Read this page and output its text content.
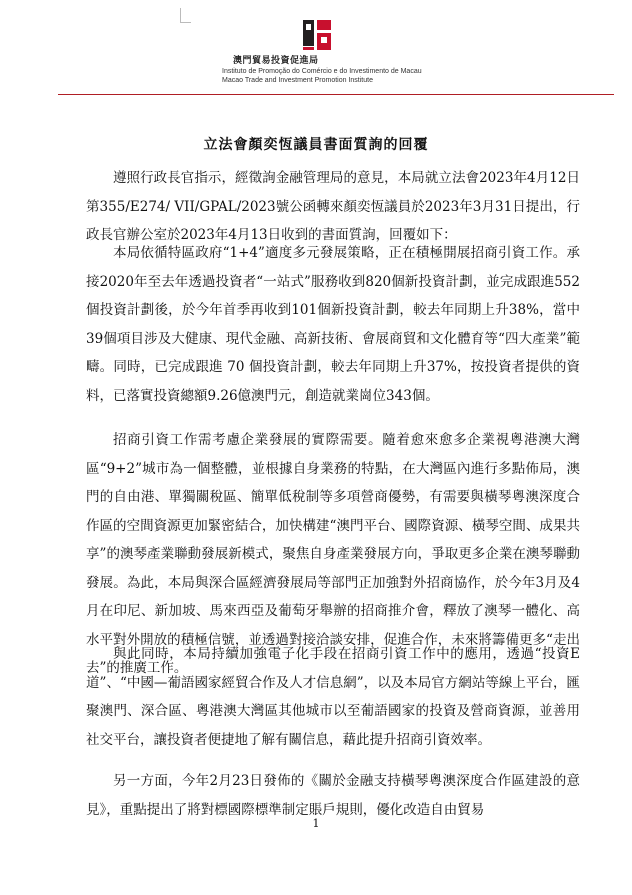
澳門貿易投資促進局
Instituto de Promoção do Comércio e do Investimento de Macau
Macao Trade and Investment Promotion Institute
立法會顏奕恆議員書面質詢的回覆

遵照行政長官指示，經徵詢金融管理局的意見，本局就立法會2023年4月12日第355/E274/ VII/GPAL/2023號公函轉來顏奕恆議員於2023年3月31日提出，行政長官辦公室於2023年4月13日收到的書面質詢，回覆如下：

本局依循特區政府“1+4”適度多元發展策略，正在積極開展招商引資工作。承接2020年至去年透過投資者“一站式”服務收到820個新投資計劃，並完成跟進552個投資計劃後，於今年首季再收到101個新投資計劃，較去年同期上升38%，當中39個項目涉及大健康、現代金融、高新技術、會展商貿和文化體育等“四大產業”範疇。同時，已完成跟進 70 個投資計劃，較去年同期上升37%，按投資者提供的資料，已落實投資總額9.26億澳門元，創造就業崗位343個。

招商引資工作需考慮企業發展的實際需要。隨着愈來愈多企業視粵港澳大灣區“9+2”城市為一個整體，並根據自身業務的特點，在大灣區內進行多點佈局，澳門的自由港、單獨關稅區、簡單低稅制等多項營商優勢，有需要與橫琴粵澳深度合作區的空間資源更加緊密結合，加快構建“澳門平台、國際資源、橫琴空間、成果共享”的澳琴產業聯動發展新模式，聚焦自身產業發展方向，爭取更多企業在澳琴聯動發展。為此，本局與深合區經濟發展局等部門正加強對外招商協作，於今年3月及4月在印尼、新加坡、馬來西亞及葡萄牙舉辦的招商推介會，釋放了澳琴一體化、高水平對外開放的積極信號，並透過對接洽談安排，促進合作，未來將籌備更多“走出去”的推廣工作。

與此同時，本局持續加強電子化手段在招商引資工作中的應用，透過“投資E道”、“中國—葡語國家經貿合作及人才信息網”，以及本局官方網站等線上平台，匯聚澳門、深合區、粵港澳大灣區其他城市以至葡語國家的投資及營商資源，並善用社交平台，讓投資者便捷地了解有關信息，藉此提升招商引資效率。

另一方面，今年2月23日發佈的《關於金融支持橫琴粵澳深度合作區建設的意見》，重點提出了將對標國際標準制定賬戶規則，優化改造自由貿易

1
